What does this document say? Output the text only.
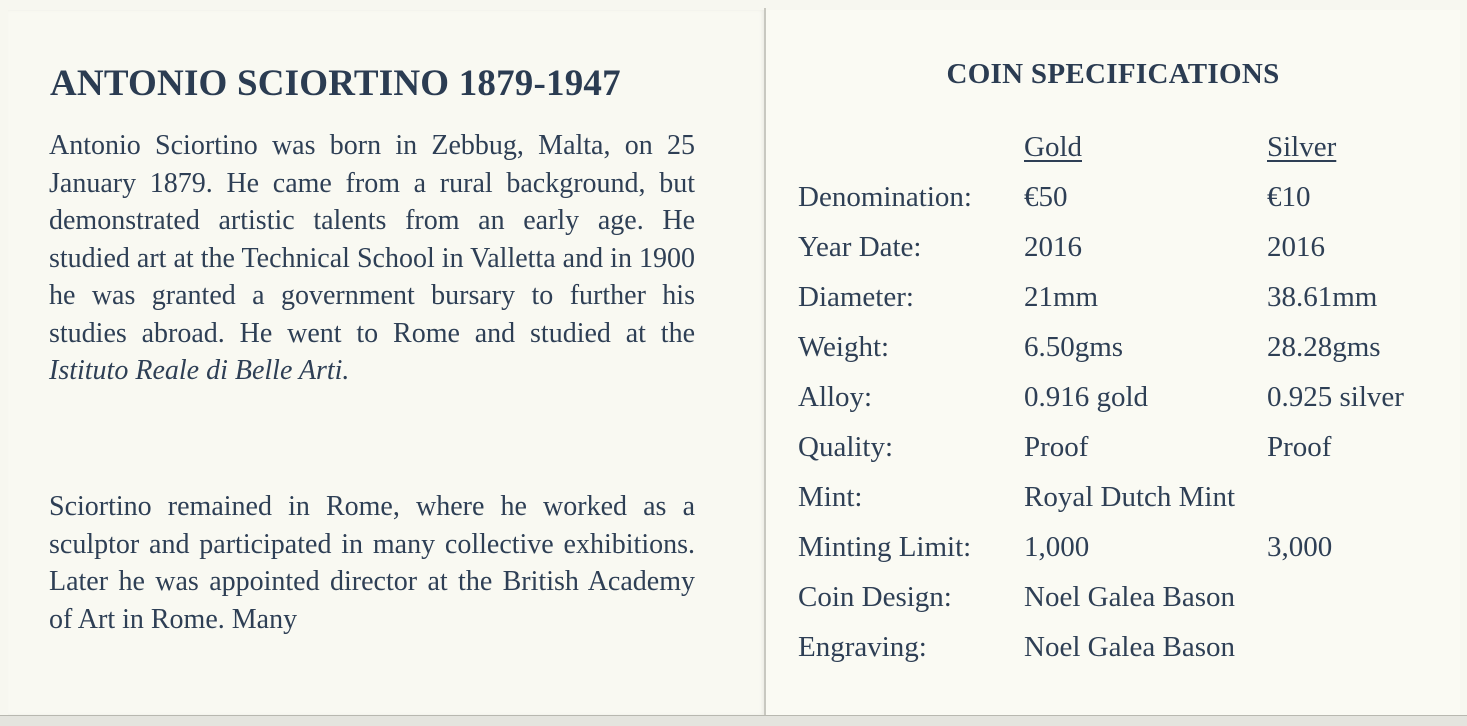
ANTONIO SCIORTINO 1879-1947

Antonio Sciortino was born in Zebbug, Malta, on 25 January 1879. He came from a rural background, but demonstrated artistic talents from an early age. He studied art at the Technical School in Valletta and in 1900 he was granted a government bursary to further his studies abroad. He went to Rome and studied at the Istituto Reale di Belle Arti.

Sciortino remained in Rome, where he worked as a sculptor and participated in many collective exhibitions. Later he was appointed director at the British Academy of Art in Rome. Many

COIN SPECIFICATIONS
	Gold	Silver
Denomination:	€50	€10
Year Date:	2016	2016
Diameter:	21mm	38.61mm
Weight:	6.50gms	28.28gms
Alloy:	0.916 gold	0.925 silver
Quality:	Proof	Proof
Mint:	Royal Dutch Mint	
Minting Limit:	1,000	3,000
Coin Design:	Noel Galea Bason	
Engraving:	Noel Galea Bason	
